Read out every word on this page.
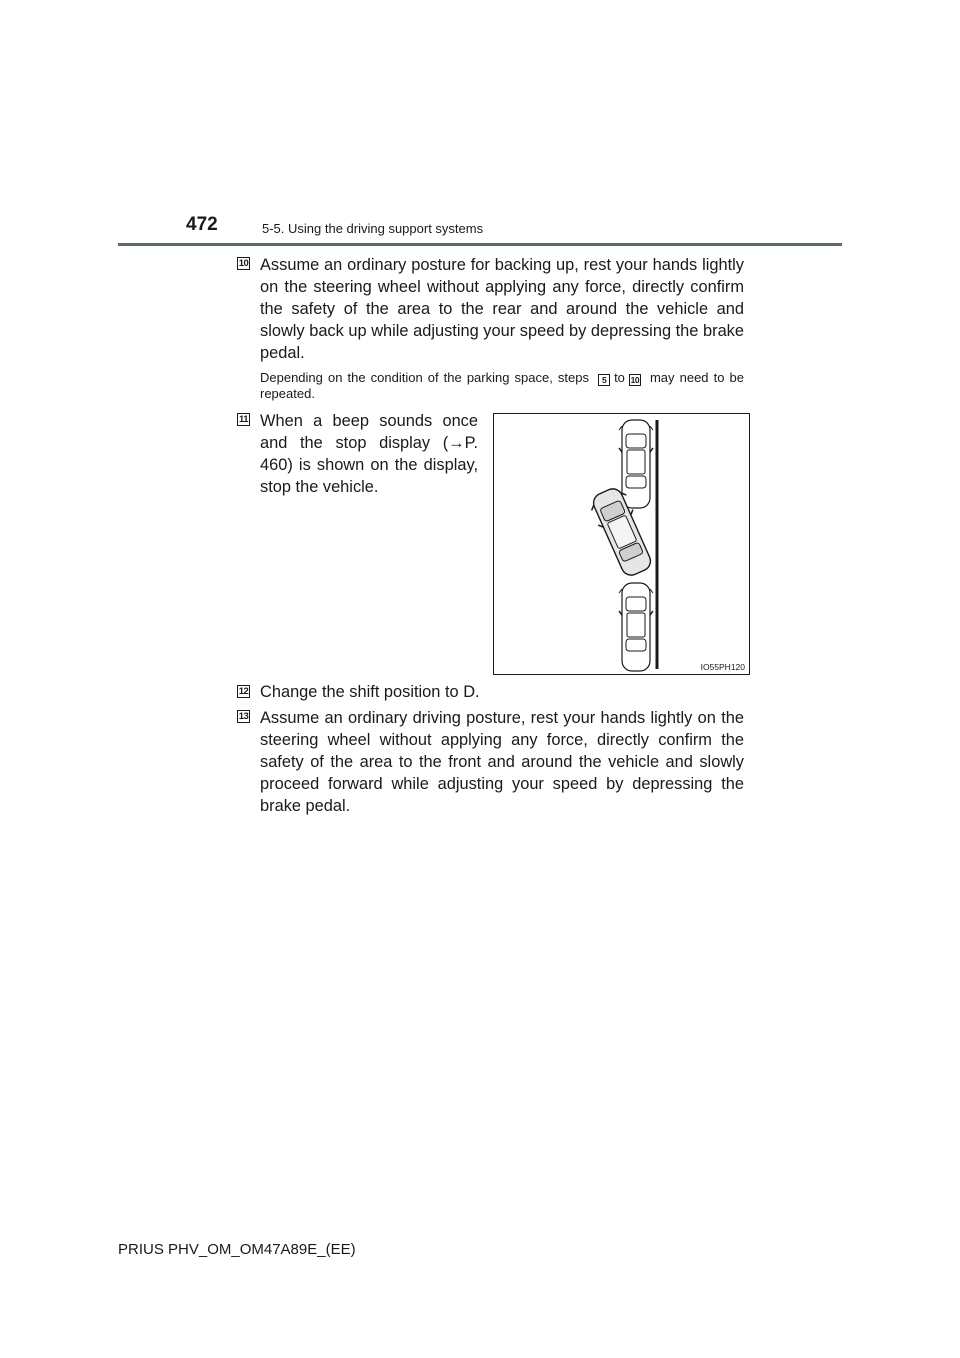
472	5-5. Using the driving support systems
10 Assume an ordinary posture for backing up, rest your hands lightly on the steering wheel without applying any force, directly confirm the safety of the area to the rear and around the vehicle and slowly back up while adjusting your speed by depressing the brake pedal.

Depending on the condition of the parking space, steps 5 to 10 may need to be repeated.

11 When a beep sounds once and the stop display (→P. 460) is shown on the display, stop the vehicle.

IO55PH120
12 Change the shift position to D.

13 Assume an ordinary driving posture, rest your hands lightly on the steering wheel without applying any force, directly confirm the safety of the area to the front and around the vehicle and slowly proceed forward while adjusting your speed by depressing the brake pedal.

PRIUS PHV_OM_OM47A89E_(EE)
